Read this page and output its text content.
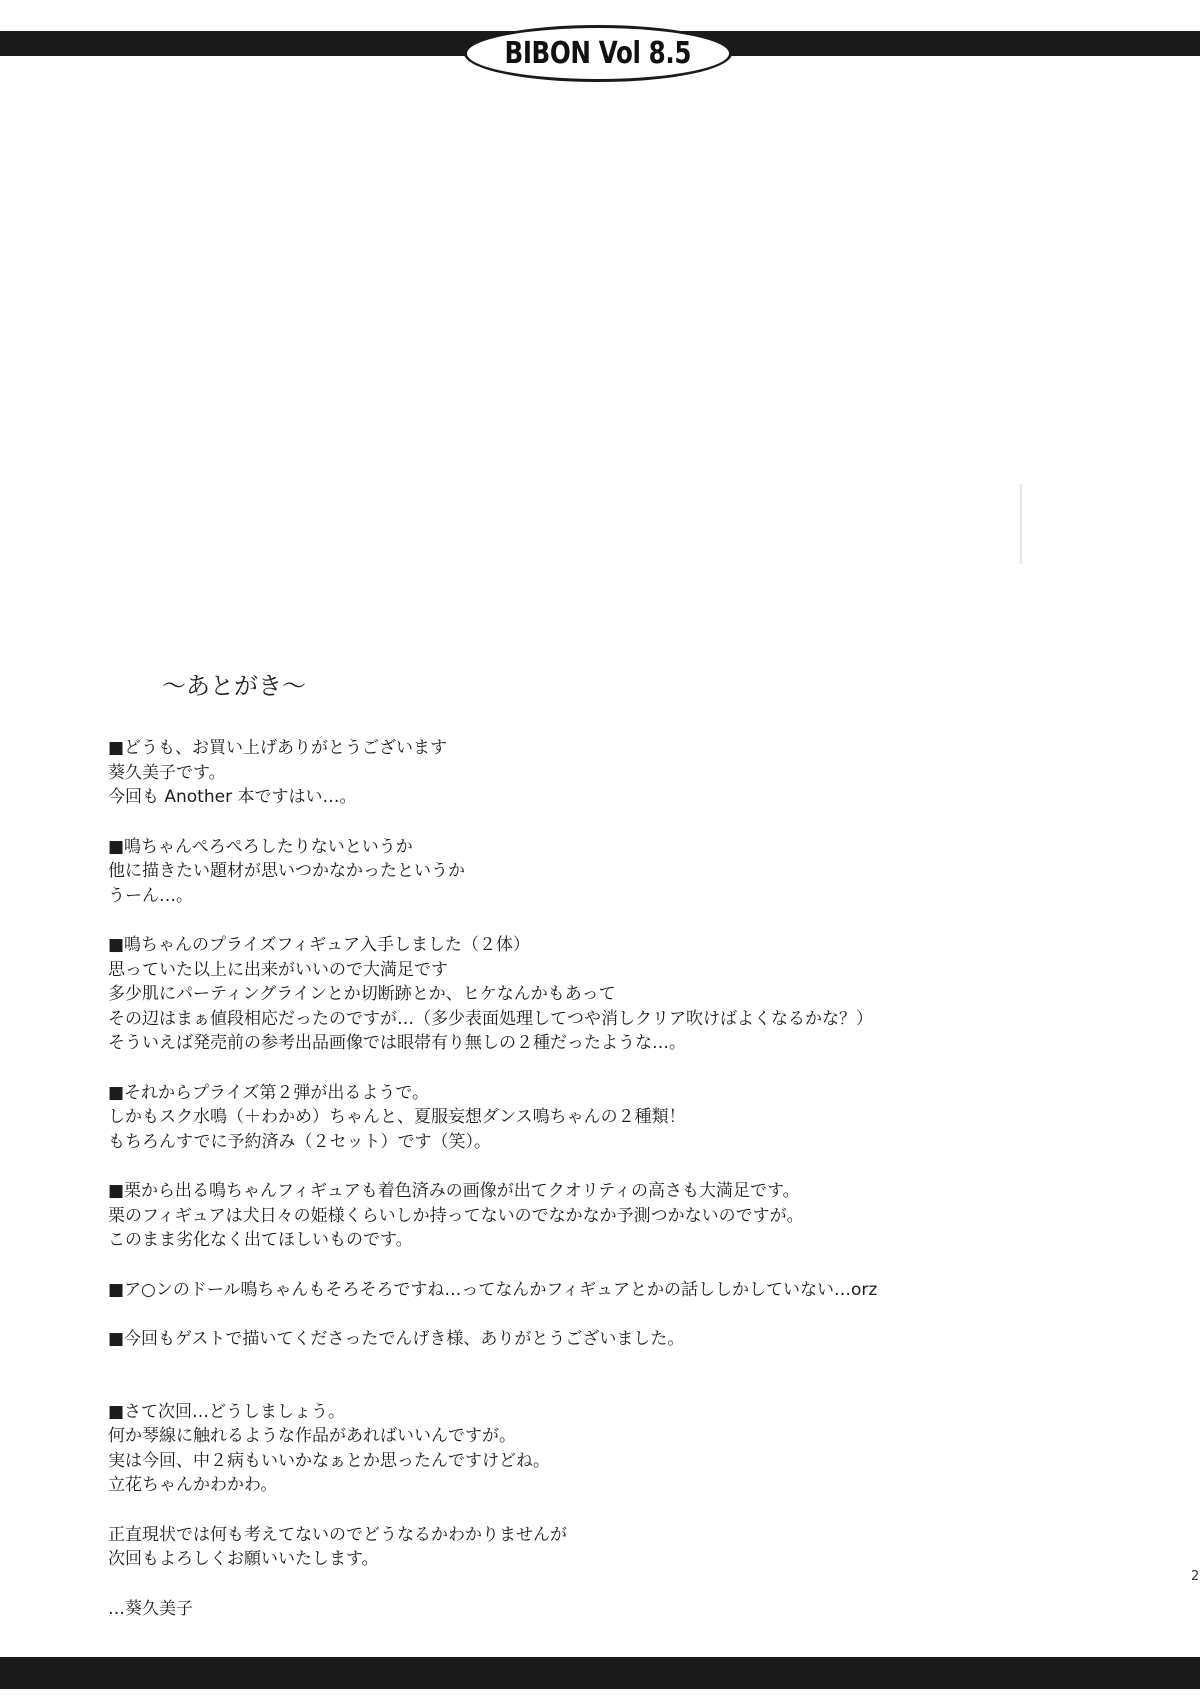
BIBON Vol 8.5
～あとがき～
■どうも、お買い上げありがとうございます
葵久美子です。
今回も Another 本ですはい…。
■鳴ちゃんぺろぺろしたりないというか
他に描きたい題材が思いつかなかったというか
うーん…。
■鳴ちゃんのプライズフィギュア入手しました（２体）
思っていた以上に出来がいいので大満足です
多少肌にパーティングラインとか切断跡とか、ヒケなんかもあって
その辺はまぁ値段相応だったのですが…（多少表面処理してつや消しクリア吹けばよくなるかな？）
そういえば発売前の参考出品画像では眼帯有り無しの２種だったような…。
■それからプライズ第２弾が出るようで。
しかもスク水鳴（＋わかめ）ちゃんと、夏服妄想ダンス鳴ちゃんの２種類！
もちろんすでに予約済み（２セット）です（笑）。
■栗から出る鳴ちゃんフィギュアも着色済みの画像が出てクオリティの高さも大満足です。
栗のフィギュアは犬日々の姫様くらいしか持ってないのでなかなか予測つかないのですが。
このまま劣化なく出てほしいものです。
■ア○ンのドール鳴ちゃんもそろそろですね…ってなんかフィギュアとかの話ししかしていない…orz
■今回もゲストで描いてくださったでんげき様、ありがとうございました。
■さて次回…どうしましょう。
何か琴線に触れるような作品があればいいんですが。
実は今回、中２病もいいかなぁとか思ったんですけどね。
立花ちゃんかわかわ。
正直現状では何も考えてないのでどうなるかわかりませんが
次回もよろしくお願いいたします。
…葵久美子
2
